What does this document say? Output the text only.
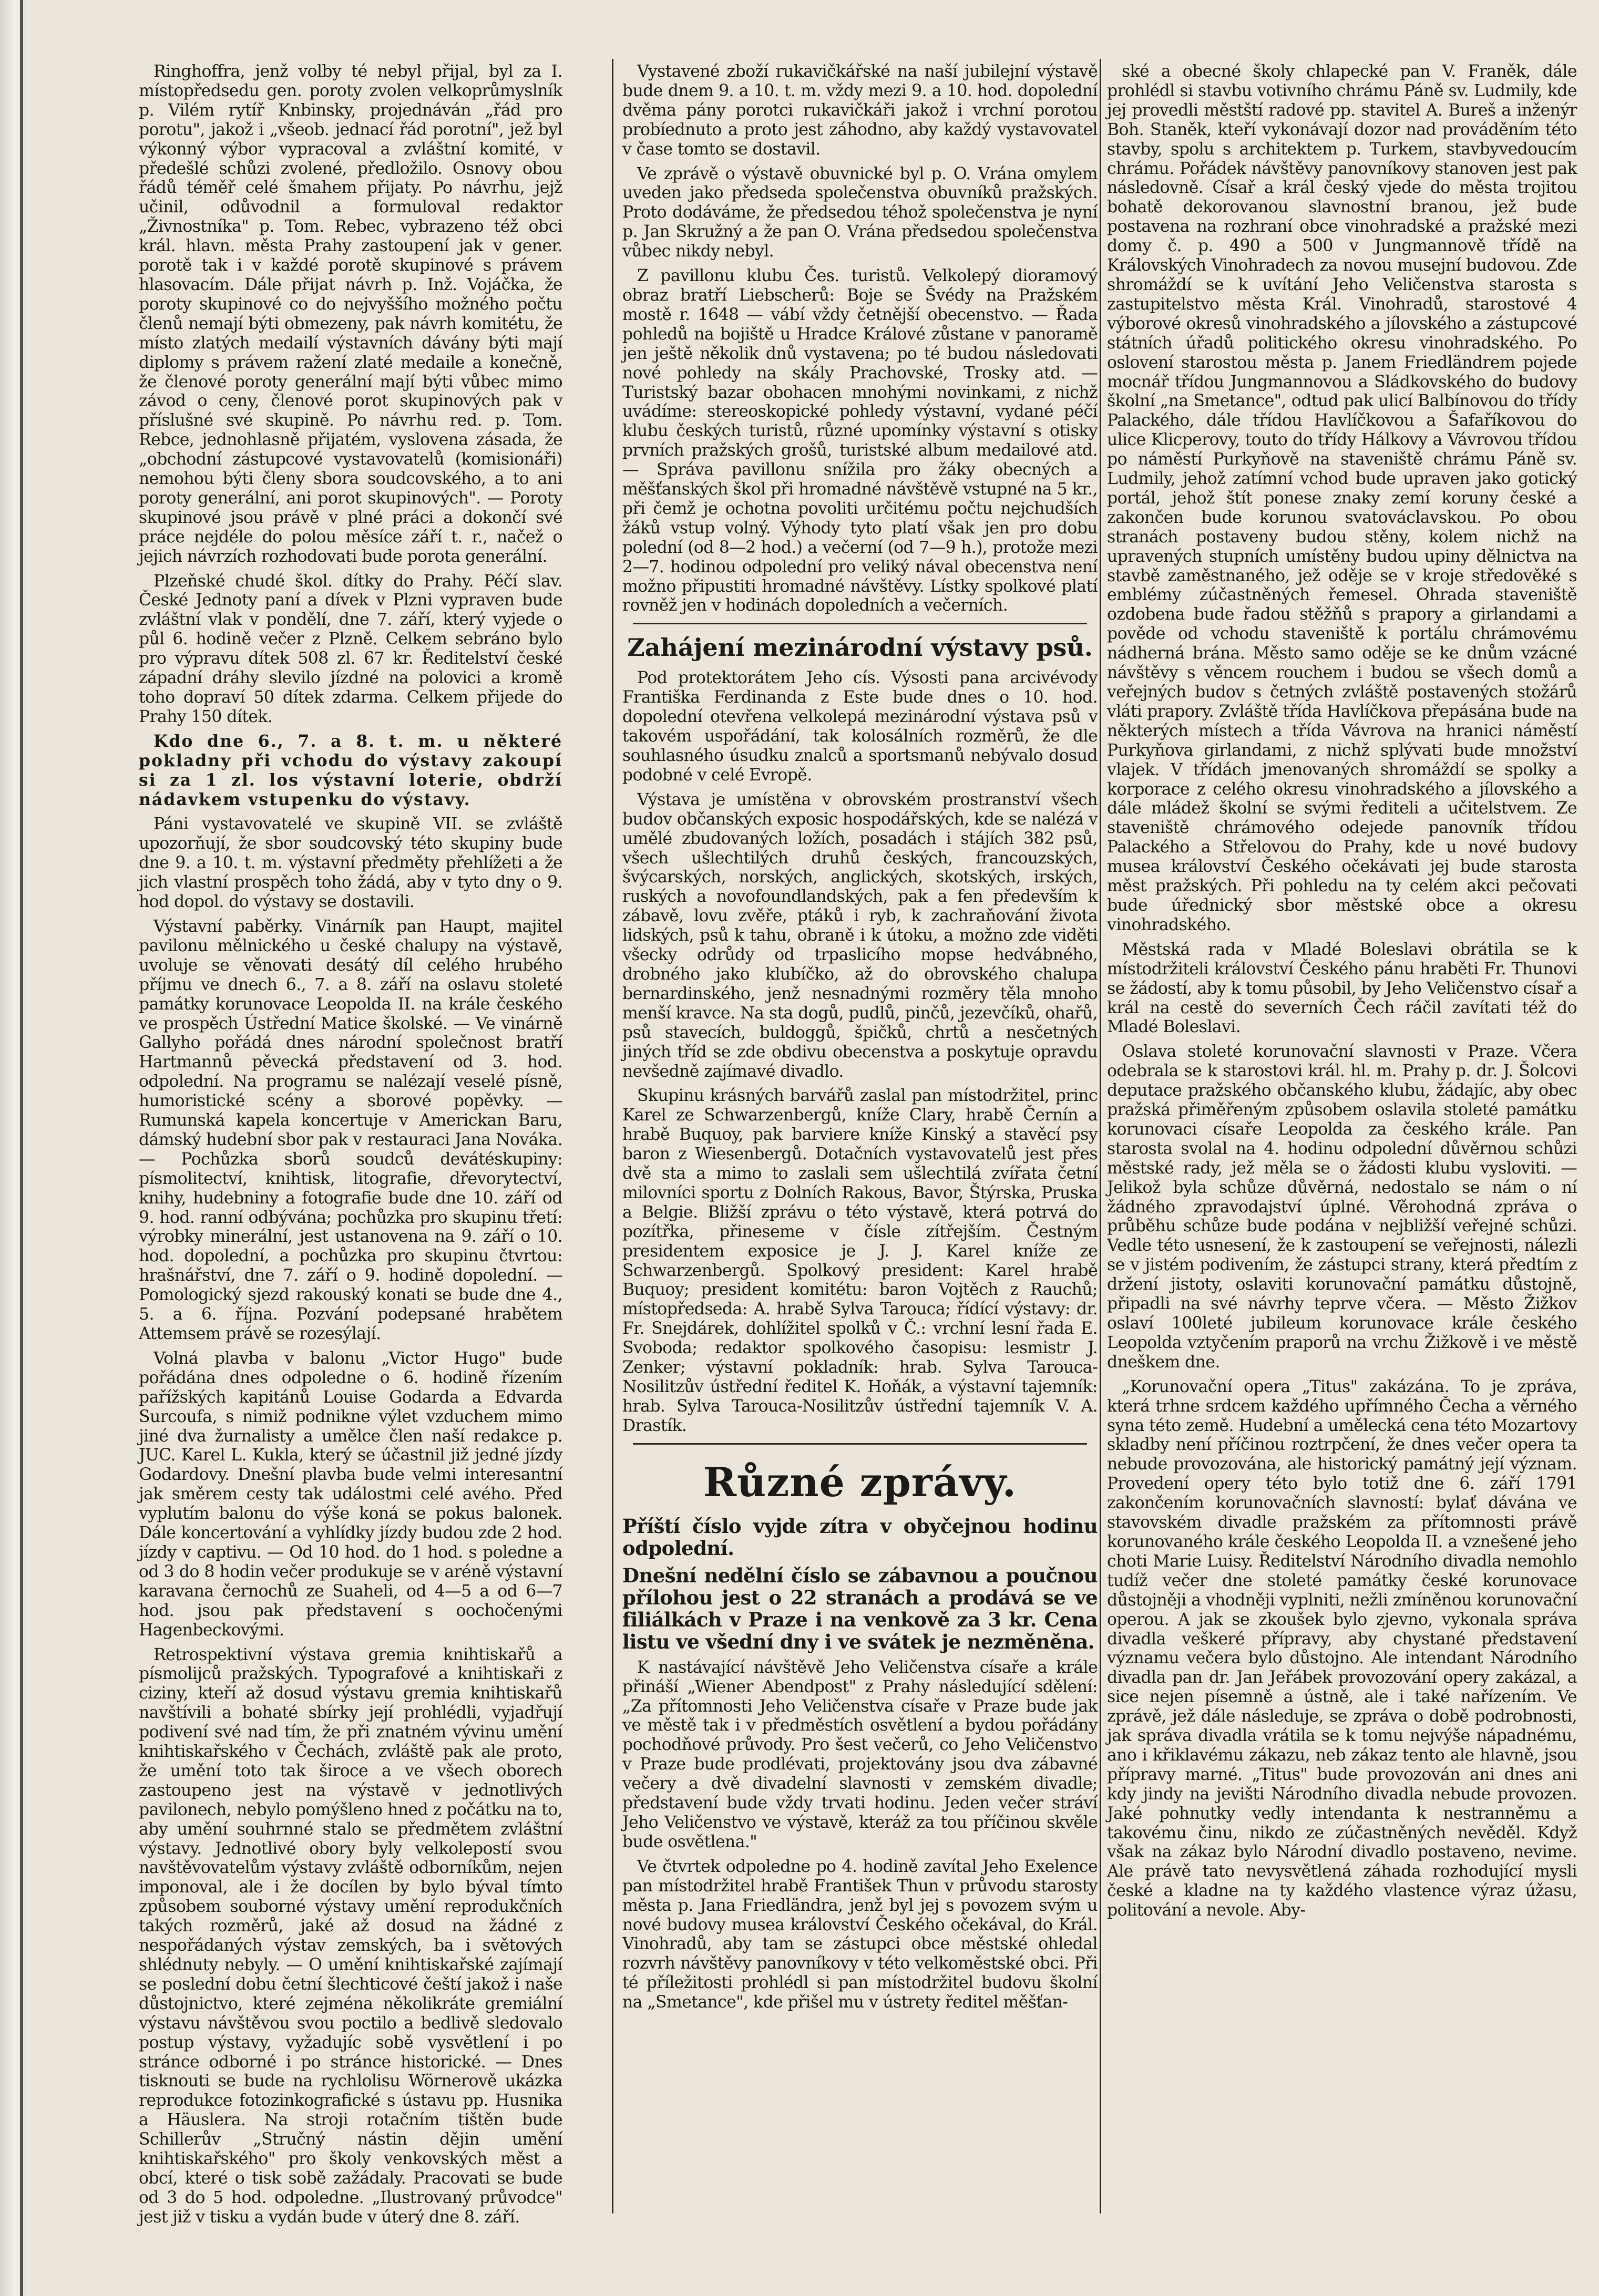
Ringhoffra, jenž volby té nebyl přijal, byl za I. místopředsedu gen. poroty zvolen velkoprůmyslník p. Vilém rytíř Knbinsky, projednáván „řád pro porotu", jakož i „všeob. jednací řád porotní", jež byl výkonný výbor vypracoval a zvláštní komité, v předešlé schůzi zvolené, předložilo. Osnovy obou řádů téměř celé šmahem přijaty. Po návrhu, jejž učinil, odůvodnil a formuloval redaktor „Živnostníka" p. Tom. Rebec, vybrazeno též obci král. hlavn. města Prahy zastoupení jak v gener. porotě tak i v každé porotě skupinové s právem hlasovacím. Dále přijat návrh p. Inž. Vojáčka, že poroty skupinové co do nejvyššího možného počtu členů nemají býti obmezeny, pak návrh komitétu, že místo zlatých medailí výstavních dávány býti mají diplomy s právem ražení zlaté medaile a konečně, že členové poroty generální mají býti vůbec mimo závod o ceny, členové porot skupinových pak v příslušné své skupině. Po návrhu red. p. Tom. Rebce, jednohlasně přijatém, vyslovena zásada, že „obchodní zástupcové vystavovatelů (komisionáři) nemohou býti členy sbora soudcovského, a to ani poroty generální, ani porot skupinových". — Poroty skupinové jsou právě v plné práci a dokončí své práce nejdéle do polou měsíce září t. r., načež o jejich návrzích rozhodovati bude porota generální.

Plzeňské chudé škol. dítky do Prahy. Péčí slav. České Jednoty paní a dívek v Plzni vypraven bude zvláštní vlak v pondělí, dne 7. září, který vyjede o půl 6. hodině večer z Plzně. Celkem sebráno bylo pro výpravu dítek 508 zl. 67 kr. Ředitelství české západní dráhy slevilo jízdné na polovici a kromě toho dopraví 50 dítek zdarma. Celkem přijede do Prahy 150 dítek.

Kdo dne 6., 7. a 8. t. m. u některé pokladny při vchodu do výstavy zakoupí si za 1 zl. los výstavní loterie, obdrží nádavkem vstupenku do výstavy.

Páni vystavovatelé ve skupině VII. se zvláště upozorňují, že sbor soudcovský této skupiny bude dne 9. a 10. t. m. výstavní předměty přehlížeti a že jich vlastní prospěch toho žádá, aby v tyto dny o 9. hod dopol. do výstavy se dostavili.

Výstavní paběrky. Vinárník pan Haupt, majitel pavilonu mělnického u české chalupy na výstavě, uvoluje se věnovati desátý díl celého hrubého příjmu ve dnech 6., 7. a 8. září na oslavu stoleté památky korunovace Leopolda II. na krále českého ve prospěch Ústřední Matice školské. — Ve vinárně Gallyho pořádá dnes národní společnost bratří Hartmannů pěvecká představení od 3. hod. odpolední. Na programu se nalézají veselé písně, humoristické scény a sborové popěvky. — Rumunská kapela koncertuje v Americkan Baru, dámský hudební sbor pak v restauraci Jana Nováka. — Pochůzka sborů soudců devátéskupiny: písmolitectví, knihtisk, litografie, dřevorytectví, knihy, hudebniny a fotografie bude dne 10. září od 9. hod. ranní odbývána; pochůzka pro skupinu třetí: výrobky minerální, jest ustanovena na 9. září o 10. hod. dopolední, a pochůzka pro skupinu čtvrtou: hrašnářství, dne 7. září o 9. hodině dopolední. — Pomologický sjezd rakouský konati se bude dne 4., 5. a 6. října. Pozvání podepsané hrabětem Attemsem právě se rozesýlají.

Volná plavba v balonu „Victor Hugo" bude pořádána dnes odpoledne o 6. hodině řízením pařížských kapitánů Louise Godarda a Edvarda Surcoufa, s nimiž podnikne výlet vzduchem mimo jiné dva žurnalisty a umělce člen naší redakce p. JUC. Karel L. Kukla, který se účastnil již jedné jízdy Godardovy. Dnešní plavba bude velmi interesantní jak směrem cesty tak událostmi celé avého. Před vyplutím balonu do výše koná se pokus balonek. Dále koncertování a vyhlídky jízdy budou zde 2 hod. jízdy v captivu. — Od 10 hod. do 1 hod. s poledne a od 3 do 8 hodin večer produkuje se v aréně výstavní karavana černochů ze Suaheli, od 4—5 a od 6—7 hod. jsou pak představení s oochočenými Hagenbeckovými.

Retrospektivní výstava gremia knihtiskařů a písmolijců pražských. Typografové a knihtiskaři z ciziny, kteří až dosud výstavu gremia knihtiskařů navštívili a bohaté sbírky její prohlédli, vyjadřují podivení své nad tím, že při znatném vývinu umění knihtiskařského v Čechách, zvláště pak ale proto, že umění toto tak široce a ve všech oborech zastoupeno jest na výstavě v jednotlivých pavilonech, nebylo pomýšleno hned z počátku na to, aby umění souhrnné stalo se předmětem zvláštní výstavy. Jednotlivé obory byly velkolepostí svou navštěvovatelům výstavy zvláště odborníkům, nejen imponoval, ale i že docílen by bylo býval tímto způsobem souborné výstavy umění reprodukčních takých rozměrů, jaké až dosud na žádné z nespořádaných výstav zemských, ba i světových shlédnuty nebyly. — O umění knihtiskařské zajímají se poslední dobu četní šlechticové čeští jakož i naše důstojnictvo, které zejména několikráte gremiální výstavu návštěvou svou poctilo a bedlivě sledovalo postup výstavy, vyžadujíc sobě vysvětlení i po stránce odborné i po stránce historické. — Dnes tisknouti se bude na rychlolisu Wörnerově ukázka reprodukce fotozinkografické s ústavu pp. Husnika a Häuslera. Na stroji rotačním tištěn bude Schillerův „Stručný nástin dějin umění knihtiskařského" pro školy venkovských měst a obcí, které o tisk sobě zažádaly. Pracovati se bude od 3 do 5 hod. odpoledne. „Ilustrovaný průvodce" jest již v tisku a vydán bude v úterý dne 8. září.

Vystavené zboží rukavičkářské na naší jubilejní výstavě bude dnem 9. a 10. t. m. vždy mezi 9. a 10. hod. dopolední dvěma pány porotci rukavičkáři jakož i vrchní porotou probíednuto a proto jest záhodno, aby každý vystavovatel v čase tomto se dostavil.

Ve zprávě o výstavě obuvnické byl p. O. Vrána omylem uveden jako předseda společenstva obuvníků pražských. Proto dodáváme, že předsedou téhož společenstva je nyní p. Jan Skružný a že pan O. Vrána předsedou společenstva vůbec nikdy nebyl.

Z pavillonu klubu Čes. turistů. Velkolepý dioramový obraz bratří Liebscherů: Boje se Švédy na Pražském mostě r. 1648 — vábí vždy četnější obecenstvo. — Řada pohledů na bojiště u Hradce Králové zůstane v panoramě jen ještě několik dnů vystavena; po té budou následovati nové pohledy na skály Prachovské, Trosky atd. — Turistský bazar obohacen mnohými novinkami, z nichž uvádíme: stereoskopické pohledy výstavní, vydané péčí klubu českých turistů, různé upomínky výstavní s otisky prvních pražských grošů, turistské album medailové atd. — Správa pavillonu snížila pro žáky obecných a měšťanských škol při hromadné návštěvě vstupné na 5 kr., při čemž je ochotna povoliti určitému počtu nejchudších žáků vstup volný. Výhody tyto platí však jen pro dobu polední (od 8—2 hod.) a večerní (od 7—9 h.), protože mezi 2—7. hodinou odpolední pro veliký nával obecenstva není možno připustiti hromadné návštěvy. Lístky spolkové platí rovněž jen v hodinách dopoledních a večerních.

Zahájení mezinárodní výstavy psů.

Pod protektorátem Jeho cís. Výsosti pana arcivévody Františka Ferdinanda z Este bude dnes o 10. hod. dopolední otevřena velkolepá mezinárodní výstava psů v takovém uspořádání, tak kolosálních rozměrů, že dle souhlasného úsudku znalců a sportsmanů nebývalo dosud podobné v celé Evropě.

Výstava je umístěna v obrovském prostranství všech budov občanských exposic hospodářských, kde se nalézá v umělé zbudovaných ložích, posadách i stájích 382 psů, všech ušlechtilých druhů českých, francouzských, švýcarských, norských, anglických, skotských, irských, ruských a novofoundlandských, pak a fen především k zábavě, lovu zvěře, ptáků i ryb, k zachraňování života lidských, psů k tahu, obraně i k útoku, a možno zde viděti všecky odrůdy od trpaslicího mopse hedvábného, drobného jako klubíčko, až do obrovského chalupa bernardinského, jenž nesnadnými rozměry těla mnoho menší kravce. Na sta dogů, pudlů, pinčů, jezevčíků, ohařů, psů stavecích, buldoggů, špičků, chrtů a nesčetných jiných tříd se zde obdivu obecenstva a poskytuje opravdu nevšedně zajímavé divadlo.

Skupinu krásných barvářů zaslal pan místodržitel, princ Karel ze Schwarzenbergů, kníže Clary, hrabě Černín a hrabě Buquoy, pak barviere kníže Kinský a stavěcí psy baron z Wiesenbergů. Dotačních vystavovatelů jest přes dvě sta a mimo to zaslali sem ušlechtilá zvířata četní milovníci sportu z Dolních Rakous, Bavor, Štýrska, Pruska a Belgie. Bližší zprávu o této výstavě, která potrvá do pozítřka, přineseme v čísle zítřejším. Čestným presidentem exposice je J. J. Karel kníže ze Schwarzenbergů. Spolkový president: Karel hrabě Buquoy; president komitétu: baron Vojtěch z Rauchů; místopředseda: A. hrabě Sylva Tarouca; řídící výstavy: dr. Fr. Snejdárek, dohlížitel spolků v Č.: vrchní lesní řada E. Svoboda; redaktor spolkového časopisu: lesmistr J. Zenker; výstavní pokladník: hrab. Sylva Tarouca-Nosilitzův ústřední ředitel K. Hoňák, a výstavní tajemník: hrab. Sylva Tarouca-Nosilitzův ústřední tajemník V. A. Drastík.

Různé zprávy.

Příští číslo vyjde zítra v obyčejnou hodinu odpolední.

Dnešní nedělní číslo se zábavnou a poučnou přílohou jest o 22 stranách a prodává se ve filiálkách v Praze i na venkově za 3 kr. Cena listu ve všední dny i ve svátek je nezměněna.

K nastávající návštěvě Jeho Veličenstva císaře a krále přináší „Wiener Abendpost" z Prahy následující sdělení: „Za přítomnosti Jeho Veličenstva císaře v Praze bude jak ve městě tak i v předměstích osvětlení a bydou pořádány pochodňové průvody. Pro šest večerů, co Jeho Veličenstvo v Praze bude prodlévati, projektovány jsou dva zábavné večery a dvě divadelní slavnosti v zemském divadle; představení bude vždy trvati hodinu. Jeden večer stráví Jeho Veličenstvo ve výstavě, kteráž za tou příčinou skvěle bude osvětlena."

Ve čtvrtek odpoledne po 4. hodině zavítal Jeho Exelence pan místodržitel hrabě František Thun v průvodu starosty města p. Jana Friedländra, jenž byl jej s povozem svým u nové budovy musea království Českého očekával, do Král. Vinohradů, aby tam se zástupci obce městské ohledal rozvrh návštěvy panovníkovy v této velkoměstské obci. Při té příležitosti prohlédl si pan místodržitel budovu školní na „Smetance", kde přišel mu v ústrety ředitel měšťan-

ské a obecné školy chlapecké pan V. Franěk, dále prohlédl si stavbu votivního chrámu Páně sv. Ludmily, kde jej provedli městští radové pp. stavitel A. Bureš a inženýr Boh. Staněk, kteří vykonávají dozor nad prováděním této stavby, spolu s architektem p. Turkem, stavbyvedoucím chrámu. Pořádek návštěvy panovníkovy stanoven jest pak následovně. Císař a král český vjede do města trojitou bohatě dekorovanou slavnostní branou, jež bude postavena na rozhraní obce vinohradské a pražské mezi domy č. p. 490 a 500 v Jungmannově třídě na Královských Vinohradech za novou musejní budovou. Zde shromáždí se k uvítání Jeho Veličenstva starosta s zastupitelstvo města Král. Vinohradů, starostové 4 výborové okresů vinohradského a jílovského a zástupcové státních úřadů politického okresu vinohradského. Po oslovení starostou města p. Janem Friedländrem pojede mocnář třídou Jungmannovou a Sládkovského do budovy školní „na Smetance", odtud pak ulicí Balbínovou do třídy Palackého, dále třídou Havlíčkovou a Šafaříkovou do ulice Klicperovy, touto do třídy Hálkovy a Vávrovou třídou po náměstí Purkyňově na staveniště chrámu Páně sv. Ludmily, jehož zatímní vchod bude upraven jako gotický portál, jehož štít ponese znaky zemí koruny české a zakončen bude korunou svatováclavskou. Po obou stranách postaveny budou stěny, kolem nichž na upravených stupních umístěny budou upiny dělnictva na stavbě zaměstnaného, jež oděje se v kroje středověké s emblémy zúčastněných řemesel. Ohrada staveniště ozdobena bude řadou stěžňů s prapory a girlandami a pověde od vchodu staveniště k portálu chrámovému nádherná brána. Město samo oděje se ke dnům vzácné návštěvy s věncem rouchem i budou se všech domů a veřejných budov s četných zvláště postavených stožárů vláti prapory. Zvláště třída Havlíčkova přepásána bude na některých místech a třída Vávrova na hranici náměstí Purkyňova girlandami, z nichž splývati bude množství vlajek. V třídách jmenovaných shromáždí se spolky a korporace z celého okresu vinohradského a jílovského a dále mládež školní se svými řediteli a učitelstvem. Ze staveniště chrámového odejede panovník třídou Palackého a Střelovou do Prahy, kde u nové budovy musea království Českého očekávati jej bude starosta měst pražských. Při pohledu na ty celém akci pečovati bude úřednický sbor městské obce a okresu vinohradského.

Městská rada v Mladé Boleslavi obrátila se k místodržiteli království Českého pánu hraběti Fr. Thunovi se žádostí, aby k tomu působil, by Jeho Veličenstvo císař a král na cestě do severních Čech ráčil zavítati též do Mladé Boleslavi.

Oslava stoleté korunovační slavnosti v Praze. Včera odebrala se k starostovi král. hl. m. Prahy p. dr. J. Šolcovi deputace pražského občanského klubu, žádajíc, aby obec pražská přiměřeným způsobem oslavila stoleté památku korunovaci císaře Leopolda za českého krále. Pan starosta svolal na 4. hodinu odpolední důvěrnou schůzi městské rady, jež měla se o žádosti klubu vysloviti. — Jelikož byla schůze důvěrná, nedostalo se nám o ní žádného zpravodajství úplné. Věrohodná zpráva o průběhu schůze bude podána v nejbližší veřejné schůzi. Vedle této usnesení, že k zastoupení se veřejnosti, nálezli se v jistém podivením, že zástupci strany, která předtím z držení jistoty, oslaviti korunovační památku důstojně, připadli na své návrhy teprve včera. — Město Žižkov oslaví 100leté jubileum korunovace krále českého Leopolda vztyčením praporů na vrchu Žižkově i ve městě dneškem dne.

„Korunovační opera „Titus" zakázána. To je zpráva, která trhne srdcem každého upřímného Čecha a věrného syna této země. Hudební a umělecká cena této Mozartovy skladby není příčinou roztrpčení, že dnes večer opera ta nebude provozována, ale historický památný její význam. Provedení opery této bylo totiž dne 6. září 1791 zakončením korunovačních slavností: bylať dávána ve stavovském divadle pražském za přítomnosti právě korunovaného krále českého Leopolda II. a vznešené jeho choti Marie Luisy. Ředitelství Národního divadla nemohlo tudíž večer dne stoleté památky české korunovace důstojněji a vhodněji vyplniti, nežli zmíněnou korunovační operou. A jak se zkoušek bylo zjevno, vykonala správa divadla veškeré přípravy, aby chystané představení významu večera bylo důstojno. Ale intendant Národního divadla pan dr. Jan Jeřábek provozování opery zakázal, a sice nejen písemně a ústně, ale i také nařízením. Ve zprávě, jež dále následuje, se zpráva o době podrobnosti, jak správa divadla vrátila se k tomu nejvýše nápadnému, ano i křiklavému zákazu, neb zákaz tento ale hlavně, jsou přípravy marné. „Titus" bude provozován ani dnes ani kdy jindy na jevišti Národního divadla nebude provozen. Jaké pohnutky vedly intendanta k nestranněmu a takovému činu, nikdo ze zúčastněných nevěděl. Když však na zákaz bylo Národní divadlo postaveno, nevime. Ale právě tato nevysvětlená záhada rozhodující mysli české a kladne na ty každého vlastence výraz úžasu, politování a nevole. Aby-
